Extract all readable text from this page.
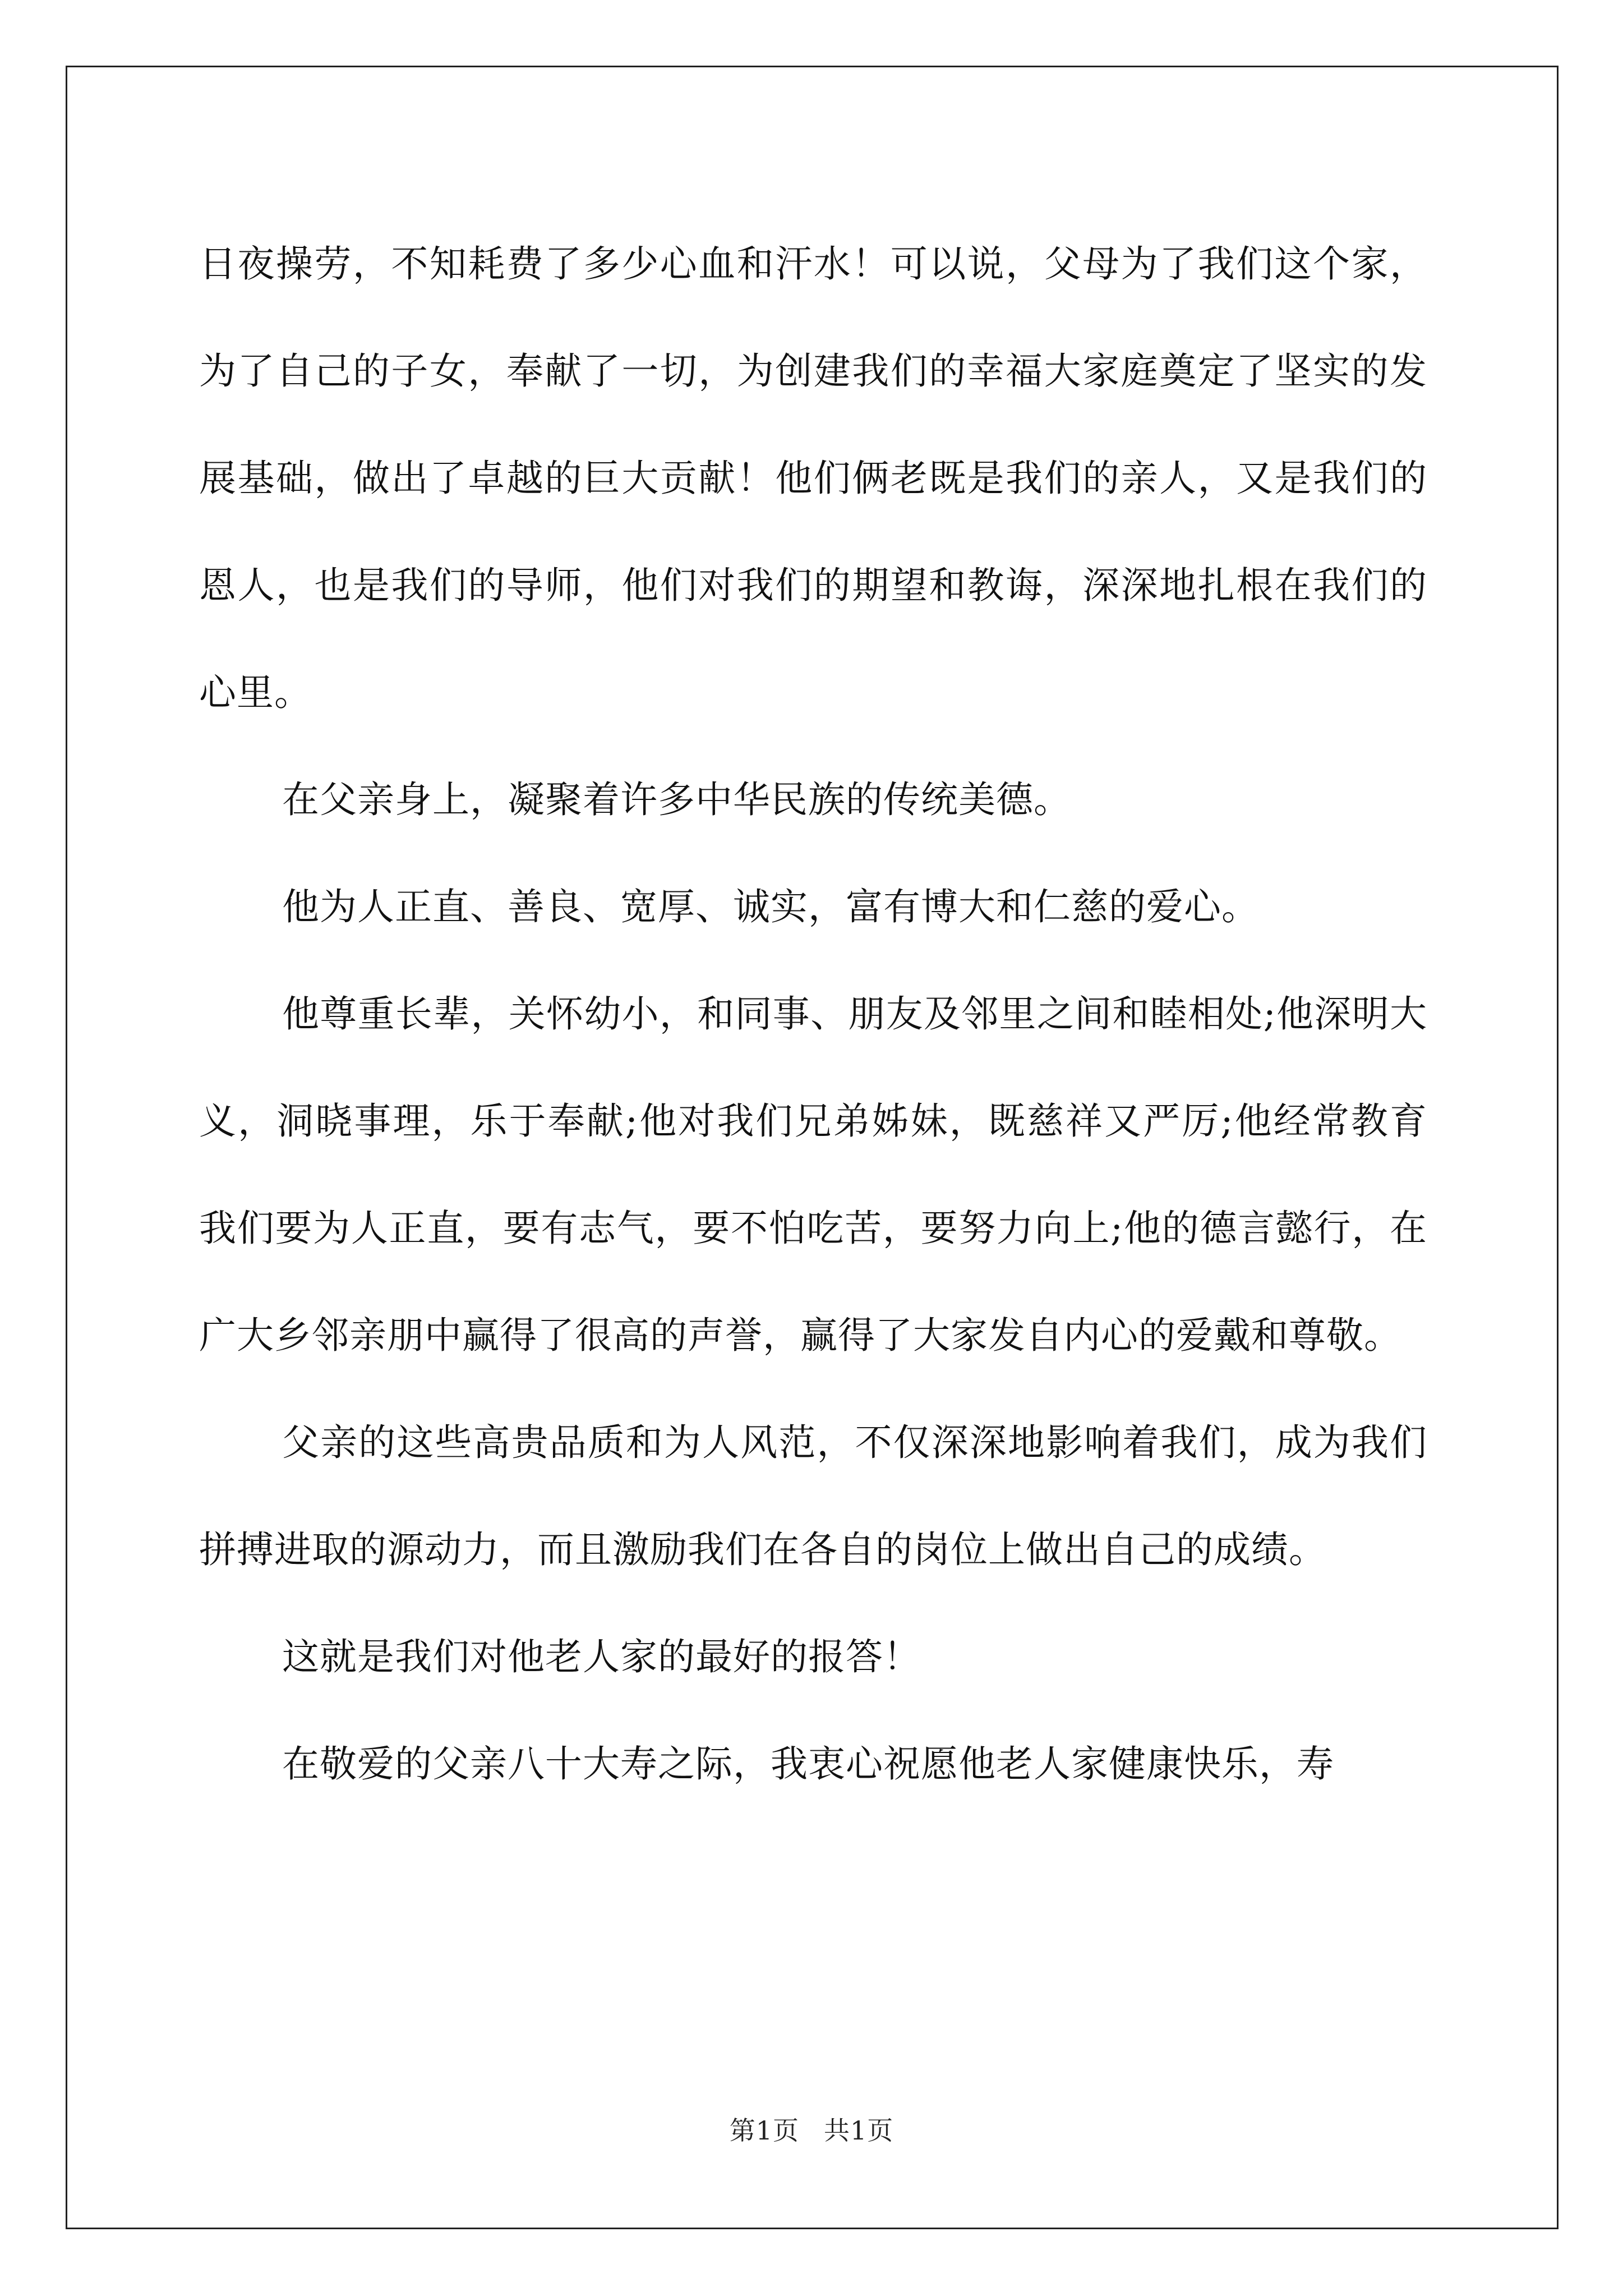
日夜操劳，不知耗费了多少心血和汗水！可以说，父母为了我们这个家，为了自己的子女，奉献了一切，为创建我们的幸福大家庭奠定了坚实的发展基础，做出了卓越的巨大贡献！他们俩老既是我们的亲人，又是我们的恩人，也是我们的导师，他们对我们的期望和教诲，深深地扎根在我们的心里。

在父亲身上，凝聚着许多中华民族的传统美德。

他为人正直、善良、宽厚、诚实，富有博大和仁慈的爱心。

他尊重长辈，关怀幼小，和同事、朋友及邻里之间和睦相处;他深明大义，洞晓事理，乐于奉献;他对我们兄弟姊妹，既慈祥又严厉;他经常教育我们要为人正直，要有志气，要不怕吃苦，要努力向上;他的德言懿行，在广大乡邻亲朋中赢得了很高的声誉，赢得了大家发自内心的爱戴和尊敬。

父亲的这些高贵品质和为人风范，不仅深深地影响着我们，成为我们拼搏进取的源动力，而且激励我们在各自的岗位上做出自己的成绩。

这就是我们对他老人家的最好的报答！

在敬爱的父亲八十大寿之际，我衷心祝愿他老人家健康快乐，寿

第1页 共1页
